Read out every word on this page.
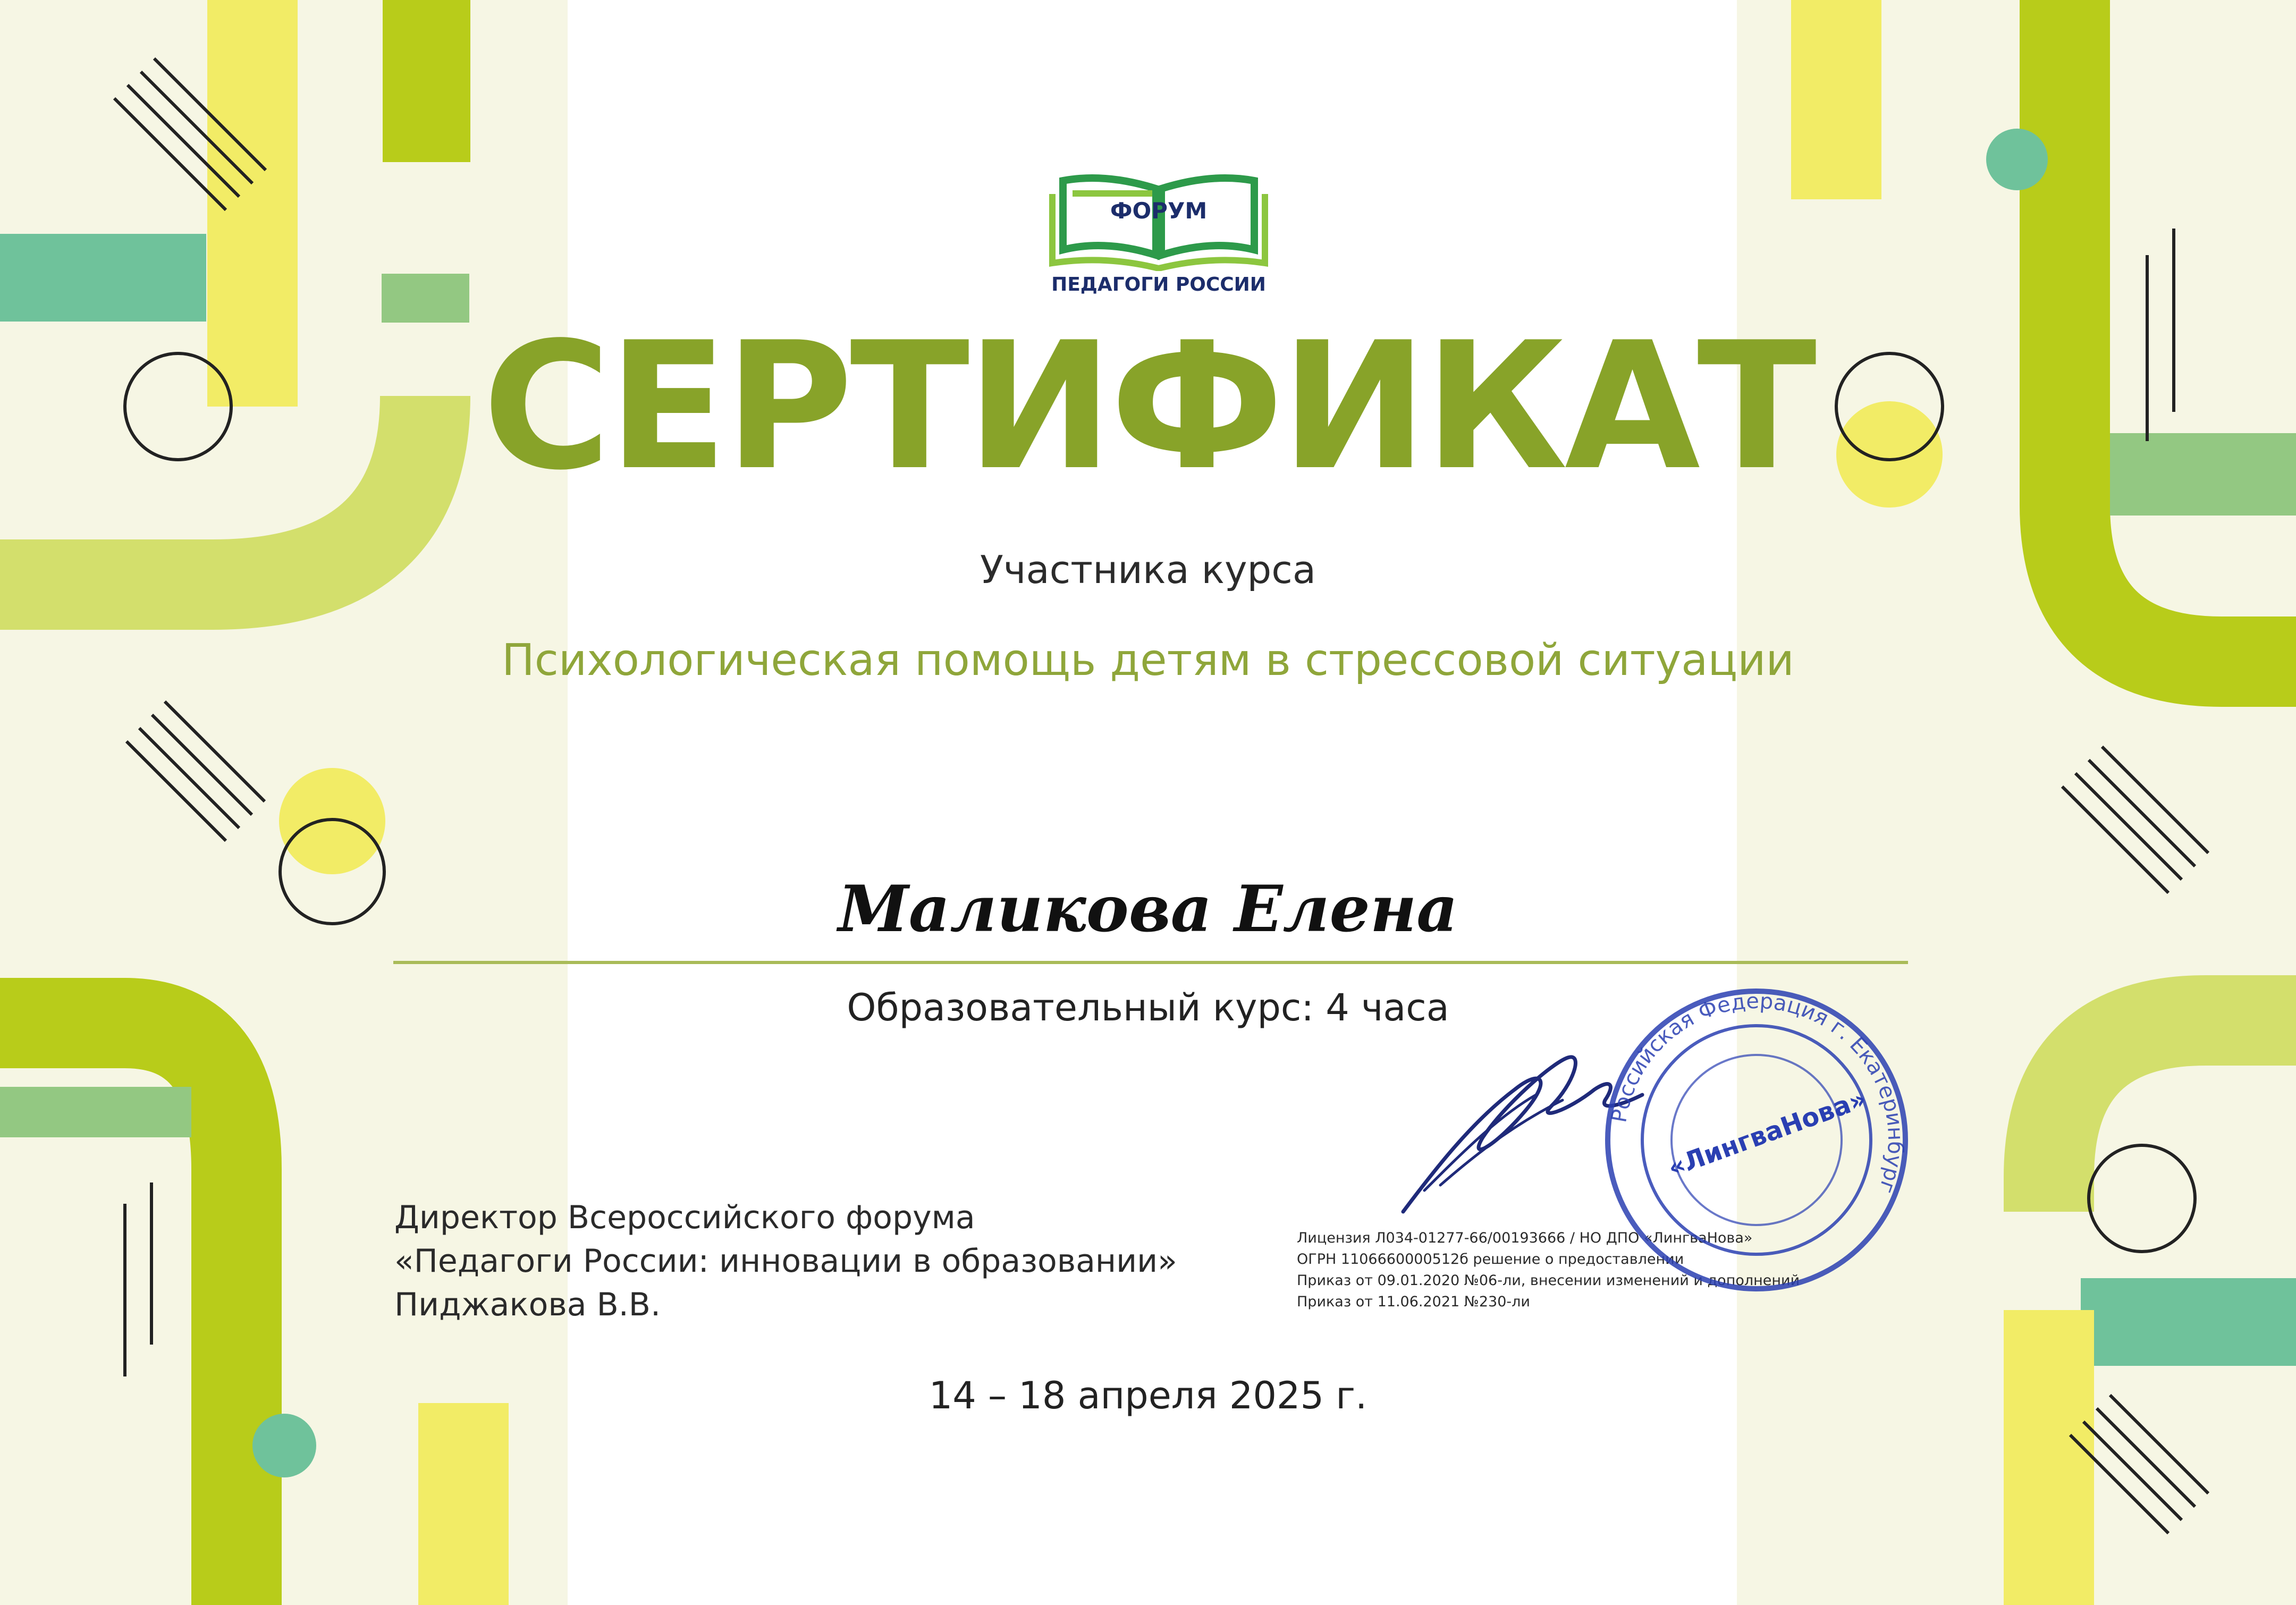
ФОРУМ
ПЕДАГОГИ РОССИИ
СЕРТИФИКАТ
Участника курса
Психологическая помощь детям в стрессовой ситуации
Маликова Елена
Образовательный курс: 4 часа
Директор Всероссийского форума
«Педагоги России: инновации в образовании»
Пиджакова В.В.
Лицензия Л034-01277-66/00193666 / НО ДПО «ЛингваНова»
ОГРН 1106660000512б решение о предоставлении
Приказ от 09.01.2020 №06-ли, внесении изменений и дополнений
Приказ от 11.06.2021 №230-ли
Российская Федерация г. Екатеринбург
«ЛингваНова»
14 – 18 апреля 2025 г.
